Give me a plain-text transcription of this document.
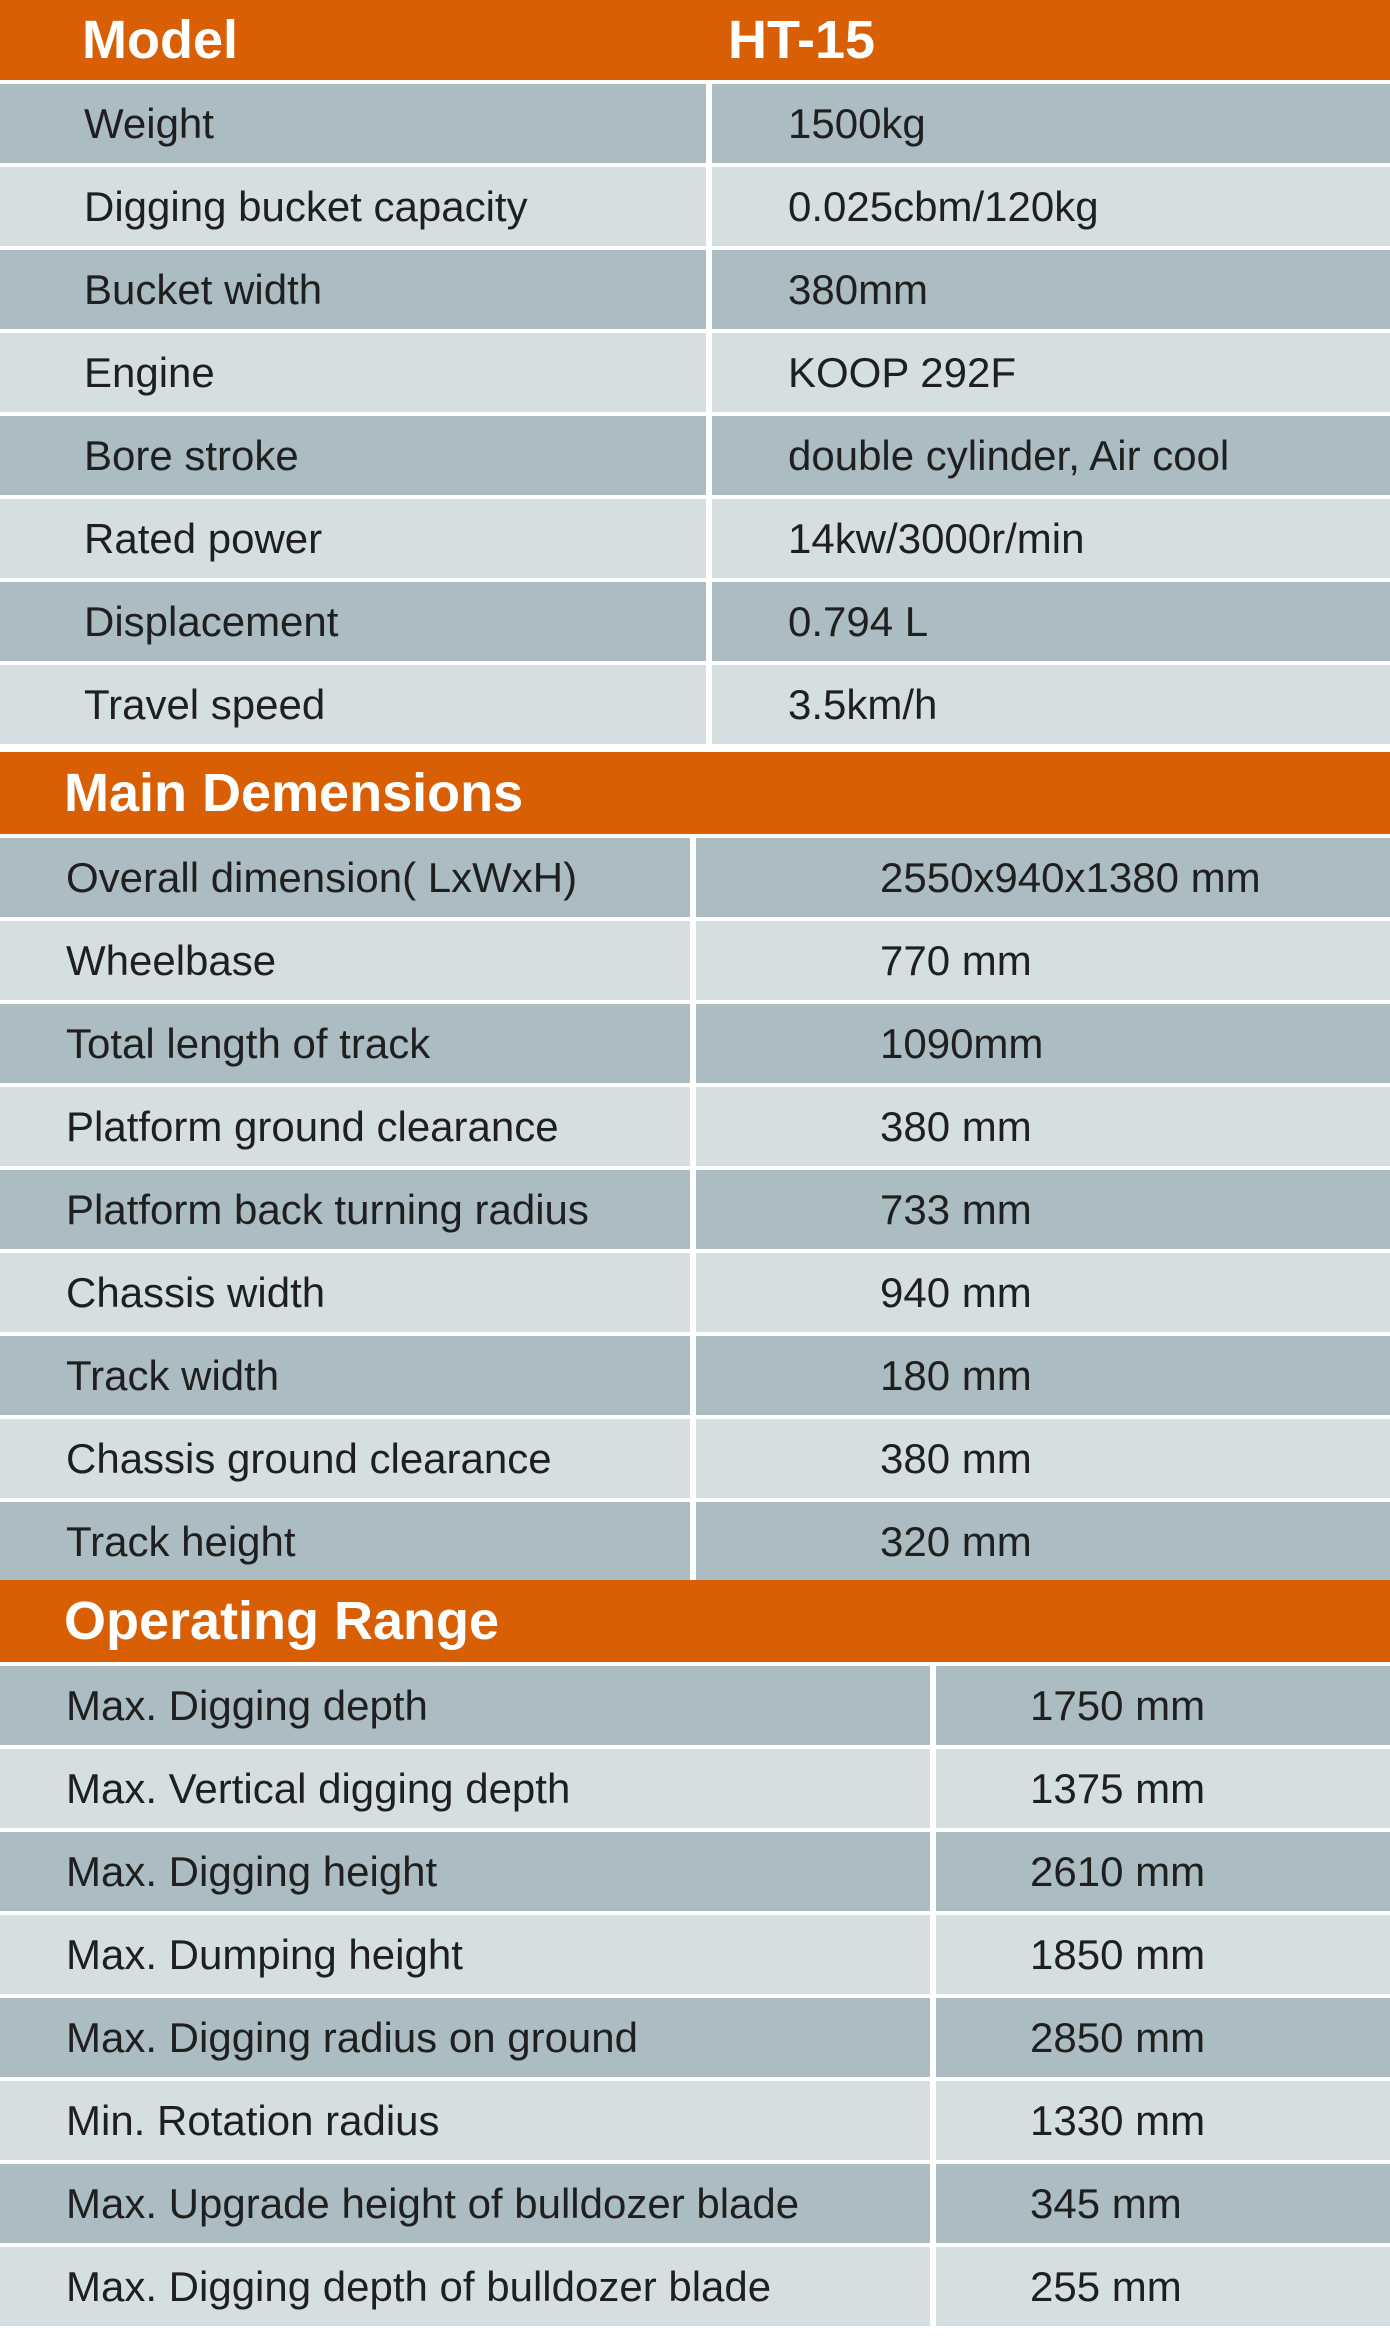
Model	HT-15
Weight	1500kg
Digging bucket capacity	0.025cbm/120kg
Bucket width	380mm
Engine	KOOP 292F
Bore stroke	double cylinder, Air cool
Rated power	14kw/3000r/min
Displacement	0.794 L
Travel speed	3.5km/h
Main Demensions
Overall dimension( LxWxH)	2550x940x1380 mm
Wheelbase	770 mm
Total length of track	1090mm
Platform ground clearance	380 mm
Platform back turning radius	733 mm
Chassis width	940 mm
Track width	180 mm
Chassis ground clearance	380 mm
Track height	320 mm
Operating Range
Max. Digging depth	1750 mm
Max. Vertical digging depth	1375 mm
Max. Digging height	2610 mm
Max. Dumping height	1850 mm
Max. Digging radius on ground	2850 mm
Min. Rotation radius	1330 mm
Max. Upgrade height of bulldozer blade	345 mm
Max. Digging depth of bulldozer blade	255 mm
